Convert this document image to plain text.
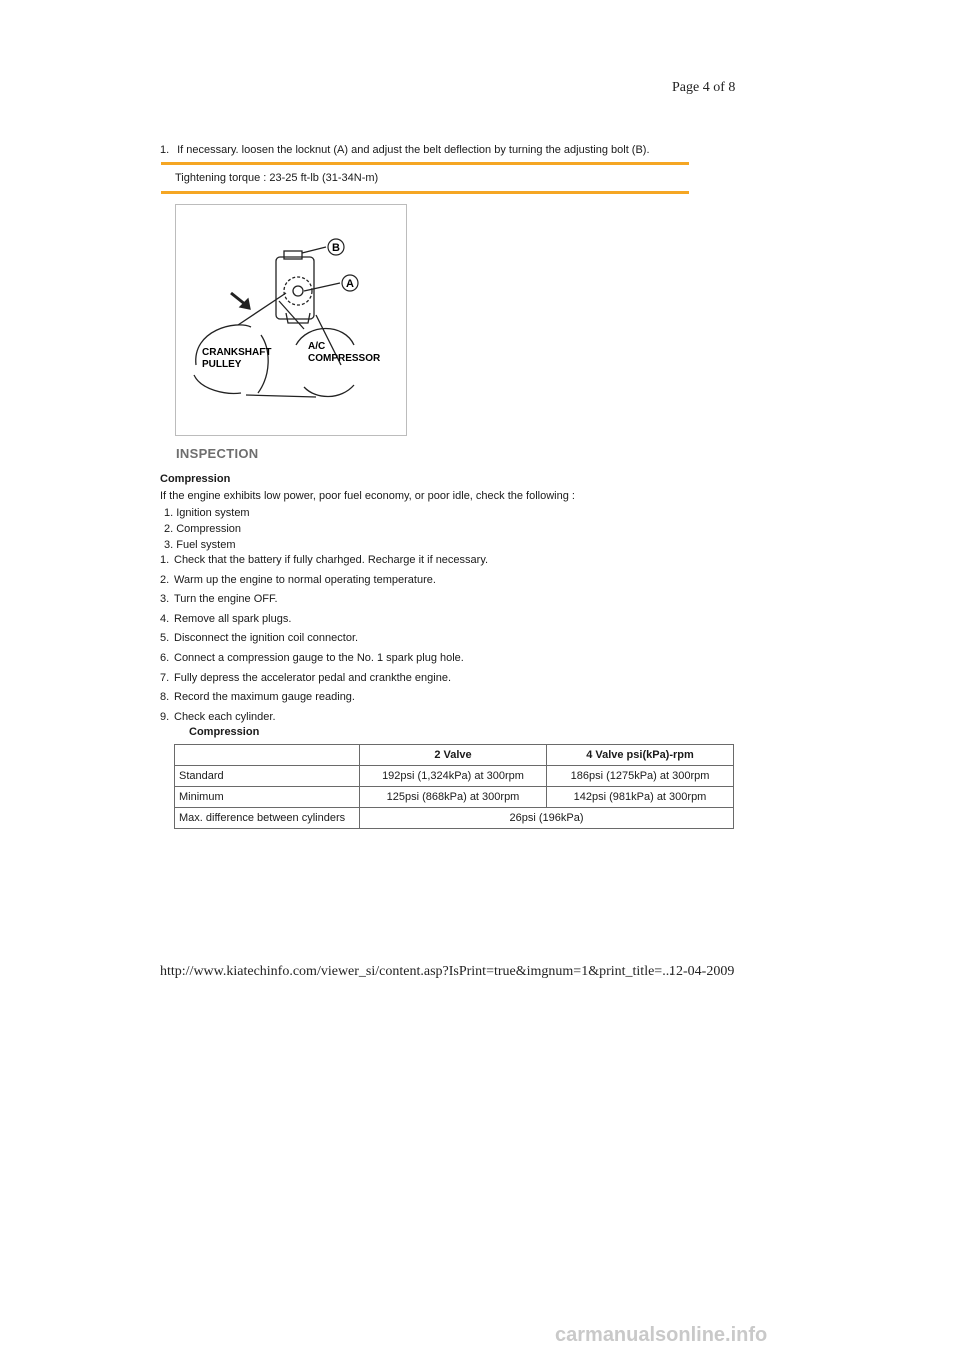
Page 4 of 8
1. If necessary. loosen the locknut (A) and adjust the belt deflection by turning the adjusting bolt (B).
Tightening torque : 23-25 ft-lb (31-34N-m)
B
A
CRANKSHAFT
PULLEY
A/C
COMPRESSOR
INSPECTION
Compression
If the engine exhibits low power, poor fuel economy, or poor idle, check the following :
1. Ignition system
2. Compression
3. Fuel system
1. Check that the battery if fully charhged. Recharge it if necessary.
2. Warm up the engine to normal operating temperature.
3. Turn the engine OFF.
4. Remove all spark plugs.
5. Disconnect the ignition coil connector.
6. Connect a compression gauge to the No. 1 spark plug hole.
7. Fully depress the accelerator pedal and crankthe engine.
8. Record the maximum gauge reading.
9. Check each cylinder.
Compression
	2 Valve	4 Valve psi(kPa)-rpm
Standard	192psi (1,324kPa) at 300rpm	186psi (1275kPa) at 300rpm
Minimum	125psi (868kPa) at 300rpm	142psi (981kPa) at 300rpm
Max. difference between cylinders	26psi (196kPa)	
http://www.kiatechinfo.com/viewer_si/content.asp?IsPrint=true&imgnum=1&print_title=...
12-04-2009
carmanualsonline.info
